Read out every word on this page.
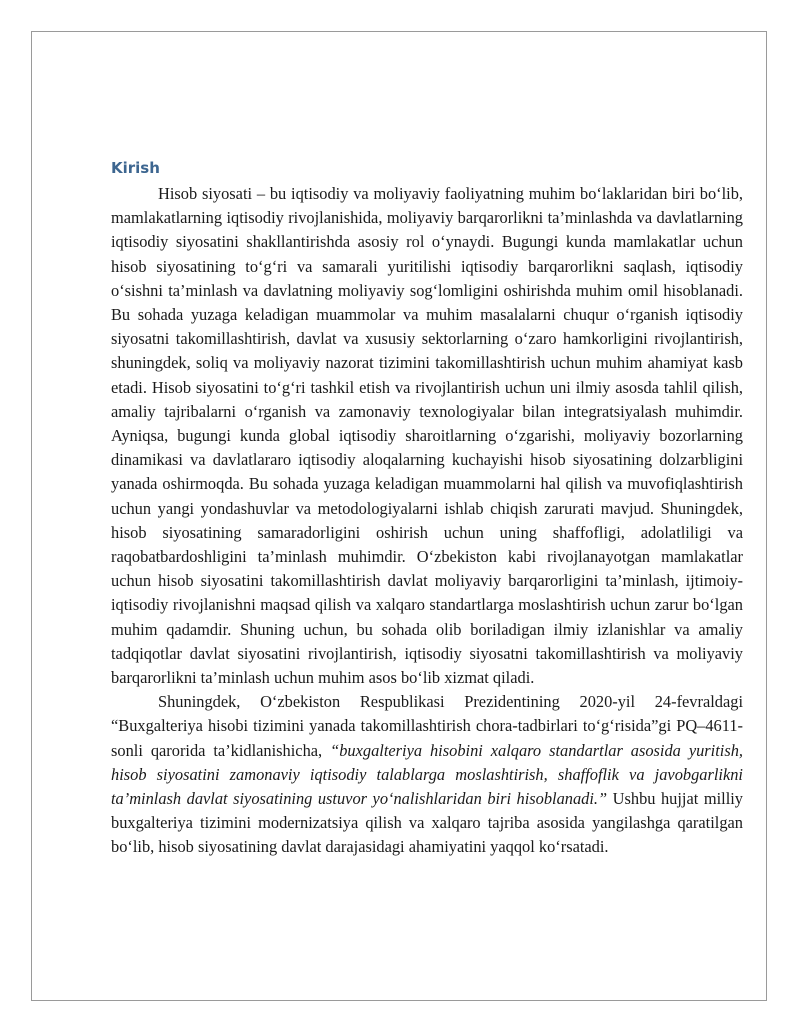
Kirish

Hisob siyosati – bu iqtisodiy va moliyaviy faoliyatning muhim bo‘laklaridan biri bo‘lib, mamlakatlarning iqtisodiy rivojlanishida, moliyaviy barqarorlikni ta’minlashda va davlatlarning iqtisodiy siyosatini shakllantirishda asosiy rol o‘ynaydi. Bugungi kunda mamlakatlar uchun hisob siyosatining to‘g‘ri va samarali yuritilishi iqtisodiy barqarorlikni saqlash, iqtisodiy o‘sishni ta’minlash va davlatning moliyaviy sog‘lomligini oshirishda muhim omil hisoblanadi. Bu sohada yuzaga keladigan muammolar va muhim masalalarni chuqur o‘rganish iqtisodiy siyosatni takomillashtirish, davlat va xususiy sektorlarning o‘zaro hamkorligini rivojlantirish, shuningdek, soliq va moliyaviy nazorat tizimini takomillashtirish uchun muhim ahamiyat kasb etadi. Hisob siyosatini to‘g‘ri tashkil etish va rivojlantirish uchun uni ilmiy asosda tahlil qilish, amaliy tajribalarni o‘rganish va zamonaviy texnologiyalar bilan integratsiyalash muhimdir. Ayniqsa, bugungi kunda global iqtisodiy sharoitlarning o‘zgarishi, moliyaviy bozorlarning dinamikasi va davlatlararo iqtisodiy aloqalarning kuchayishi hisob siyosatining dolzarbligini yanada oshirmoqda. Bu sohada yuzaga keladigan muammolarni hal qilish va muvofiqlashtirish uchun yangi yondashuvlar va metodologiyalarni ishlab chiqish zarurati mavjud. Shuningdek, hisob siyosatining samaradorligini oshirish uchun uning shaffofligi, adolatliligi va raqobatbardoshligini ta’minlash muhimdir. O‘zbekiston kabi rivojlanayotgan mamlakatlar uchun hisob siyosatini takomillashtirish davlat moliyaviy barqarorligini ta’minlash, ijtimoiy-iqtisodiy rivojlanishni maqsad qilish va xalqaro standartlarga moslashtirish uchun zarur bo‘lgan muhim qadamdir. Shuning uchun, bu sohada olib boriladigan ilmiy izlanishlar va amaliy tadqiqotlar davlat siyosatini rivojlantirish, iqtisodiy siyosatni takomillashtirish va moliyaviy barqarorlikni ta’minlash uchun muhim asos bo‘lib xizmat qiladi.

Shuningdek, O‘zbekiston Respublikasi Prezidentining 2020-yil 24-fevraldagi “Buxgalteriya hisobi tizimini yanada takomillashtirish chora-tadbirlari to‘g‘risida”gi PQ–4611-sonli qarorida ta’kidlanishicha, “buxgalteriya hisobini xalqaro standartlar asosida yuritish, hisob siyosatini zamonaviy iqtisodiy talablarga moslashtirish, shaffoflik va javobgarlikni ta’minlash davlat siyosatining ustuvor yo‘nalishlaridan biri hisoblanadi.” Ushbu hujjat milliy buxgalteriya tizimini modernizatsiya qilish va xalqaro tajriba asosida yangilashga qaratilgan bo‘lib, hisob siyosatining davlat darajasidagi ahamiyatini yaqqol ko‘rsatadi.
